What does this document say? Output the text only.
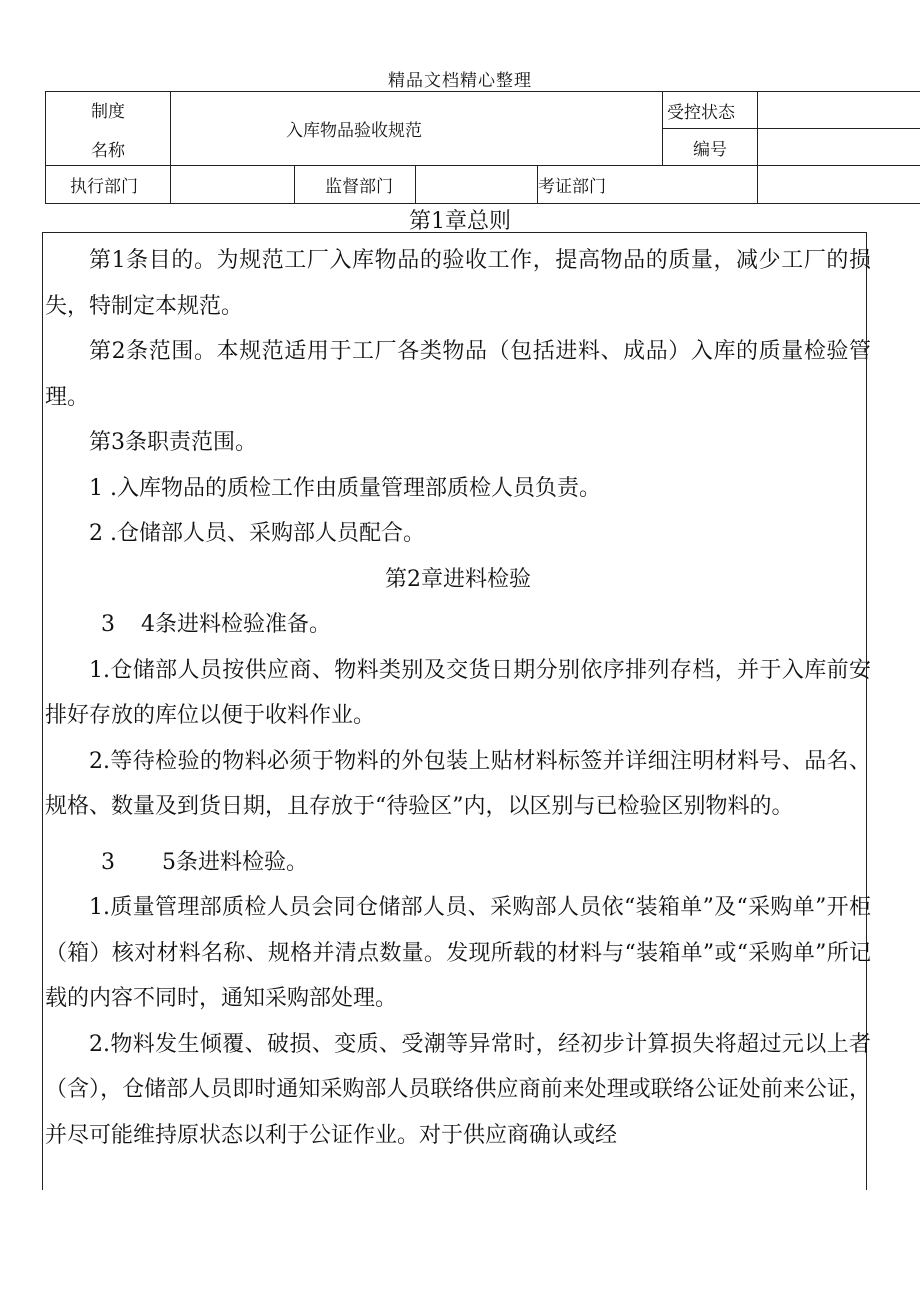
精品文档精心整理
制度
名称	入库物品验收规范				受控状态	
					编号	
执行部门		监督部门		考证部门		
第1章总则

第1条目的。为规范工厂入库物品的验收工作，提高物品的质量，减少工厂的损失，特制定本规范。

第2条范围。本规范适用于工厂各类物品（包括进料、成品）入库的质量检验管理。

第3条职责范围。

1 .入库物品的质检工作由质量管理部质检人员负责。

2 .仓储部人员、采购部人员配合。

第2章进料检验

3 4条进料检验准备。

1.仓储部人员按供应商、物料类别及交货日期分别依序排列存档，并于入库前安排好存放的库位以便于收料作业。

2.等待检验的物料必须于物料的外包装上贴材料标签并详细注明材料号、品名、规格、数量及到货日期，且存放于“待验区”内，以区别与已检验区别物料的。

3 5条进料检验。

1.质量管理部质检人员会同仓储部人员、采购部人员依“装箱单”及“采购单”开柜（箱）核对材料名称、规格并清点数量。发现所载的材料与“装箱单”或“采购单”所记载的内容不同时，通知采购部处理。

2.物料发生倾覆、破损、变质、受潮等异常时，经初步计算损失将超过元以上者（含），仓储部人员即时通知采购部人员联络供应商前来处理或联络公证处前来公证，并尽可能维持原状态以利于公证作业。对于供应商确认或经
